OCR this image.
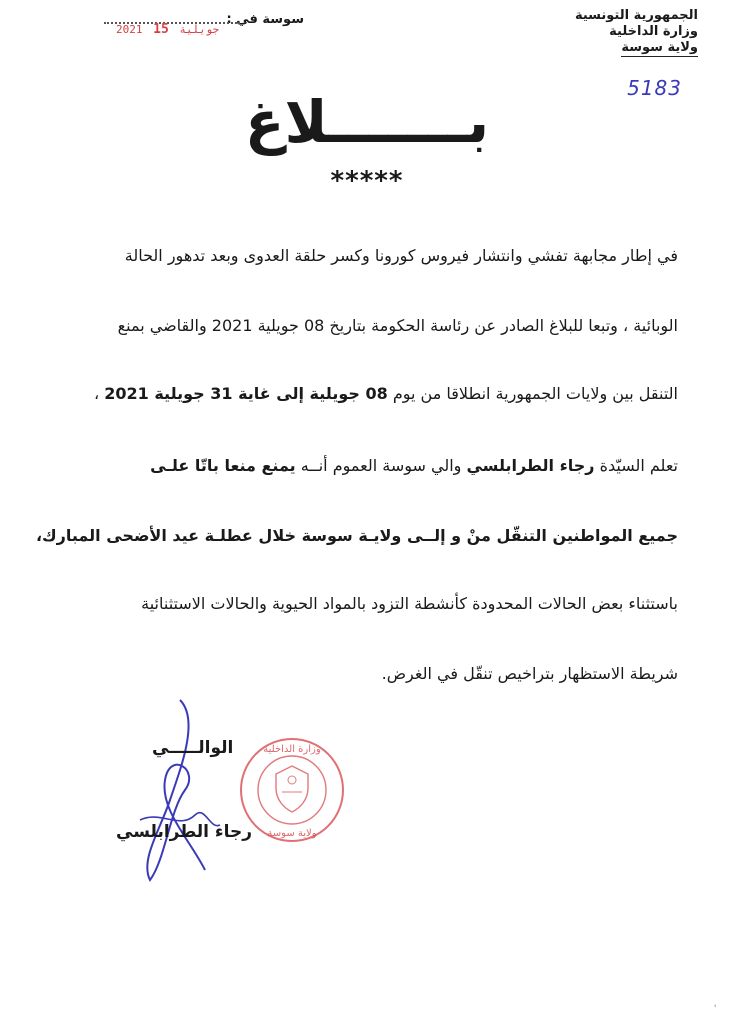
الجمهورية التونسية
وزارة الداخلية
ولاية سوسة
5183
سوسة في :
2021	جويلية 15
بـــــــلاغ
*****
في إطار مجابهة تفشي وانتشار فيروس كورونا وكسر حلقة العدوى وبعد تدهور الحالة
الوبائية ، وتبعا للبلاغ الصادر عن رئاسة الحكومة بتاريخ 08 جويلية 2021 والقاضي بمنع
التنقل بين ولايات الجمهورية انطلاقا من يوم 08 جويلية إلى غاية 31 جويلية 2021 ،
تعلم السيّدة رجاء الطرابلسي والي سوسة العموم أنــه يمنع منعا باتّا علـى
جميع المواطنين التنقّل منْ و إلــى ولايـة سوسة خلال عطلـة عيد الأضحى المبارك،
باستثناء بعض الحالات المحدودة كأنشطة التزود بالمواد الحيوية والحالات الاستثنائية
شريطة الاستظهار بتراخيص تنقّل في الغرض.
الوالـــــي
رجاء الطرابلسي
وزارة الداخلية
ولاية سوسة
ʿ
